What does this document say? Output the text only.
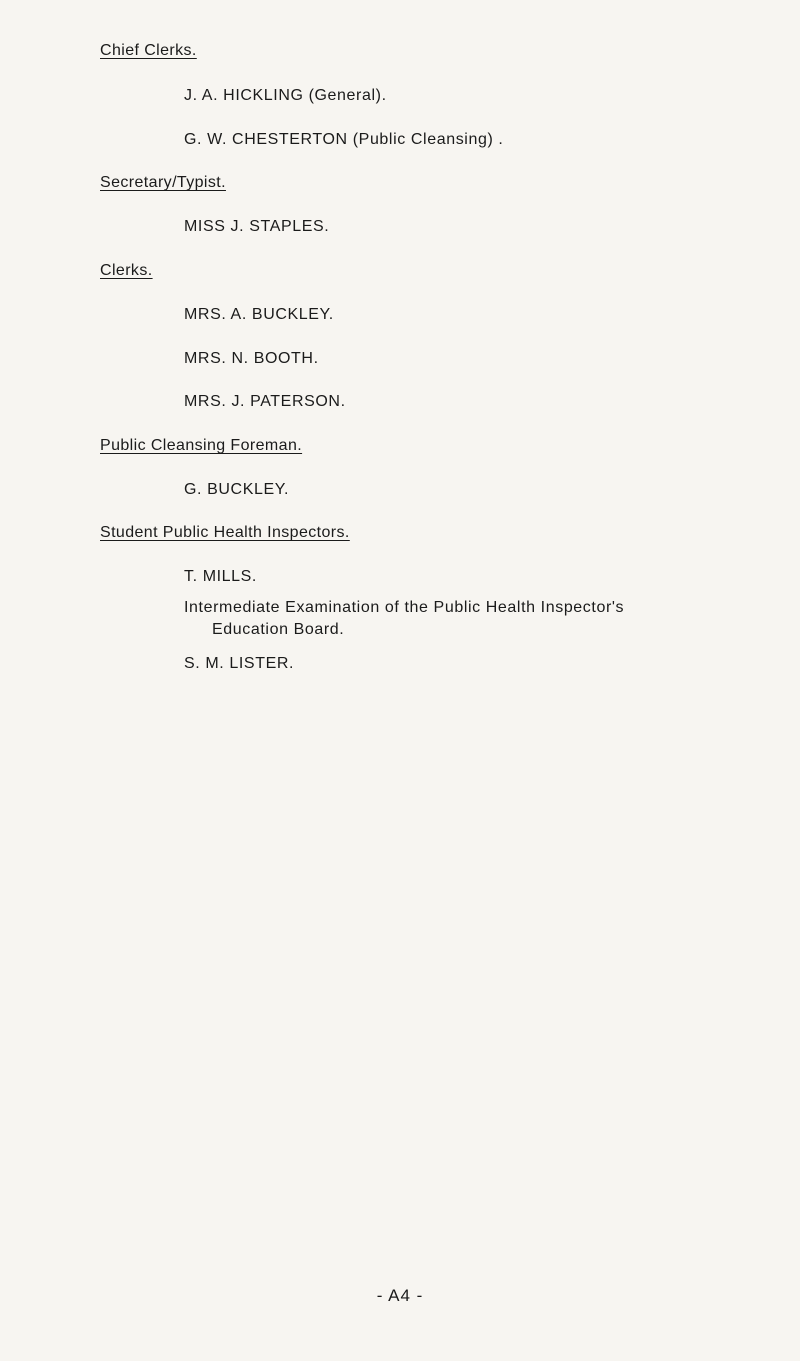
Chief Clerks.
J. A. HICKLING (General).
G. W. CHESTERTON (Public Cleansing) .
Secretary/Typist.
MISS J. STAPLES.
Clerks.
MRS. A. BUCKLEY.
MRS. N. BOOTH.
MRS. J. PATERSON.
Public Cleansing Foreman.
G. BUCKLEY.
Student Public Health Inspectors.
T. MILLS.
Intermediate Examination of the Public Health Inspector's
Education Board.
S. M. LISTER.
- A4 -
